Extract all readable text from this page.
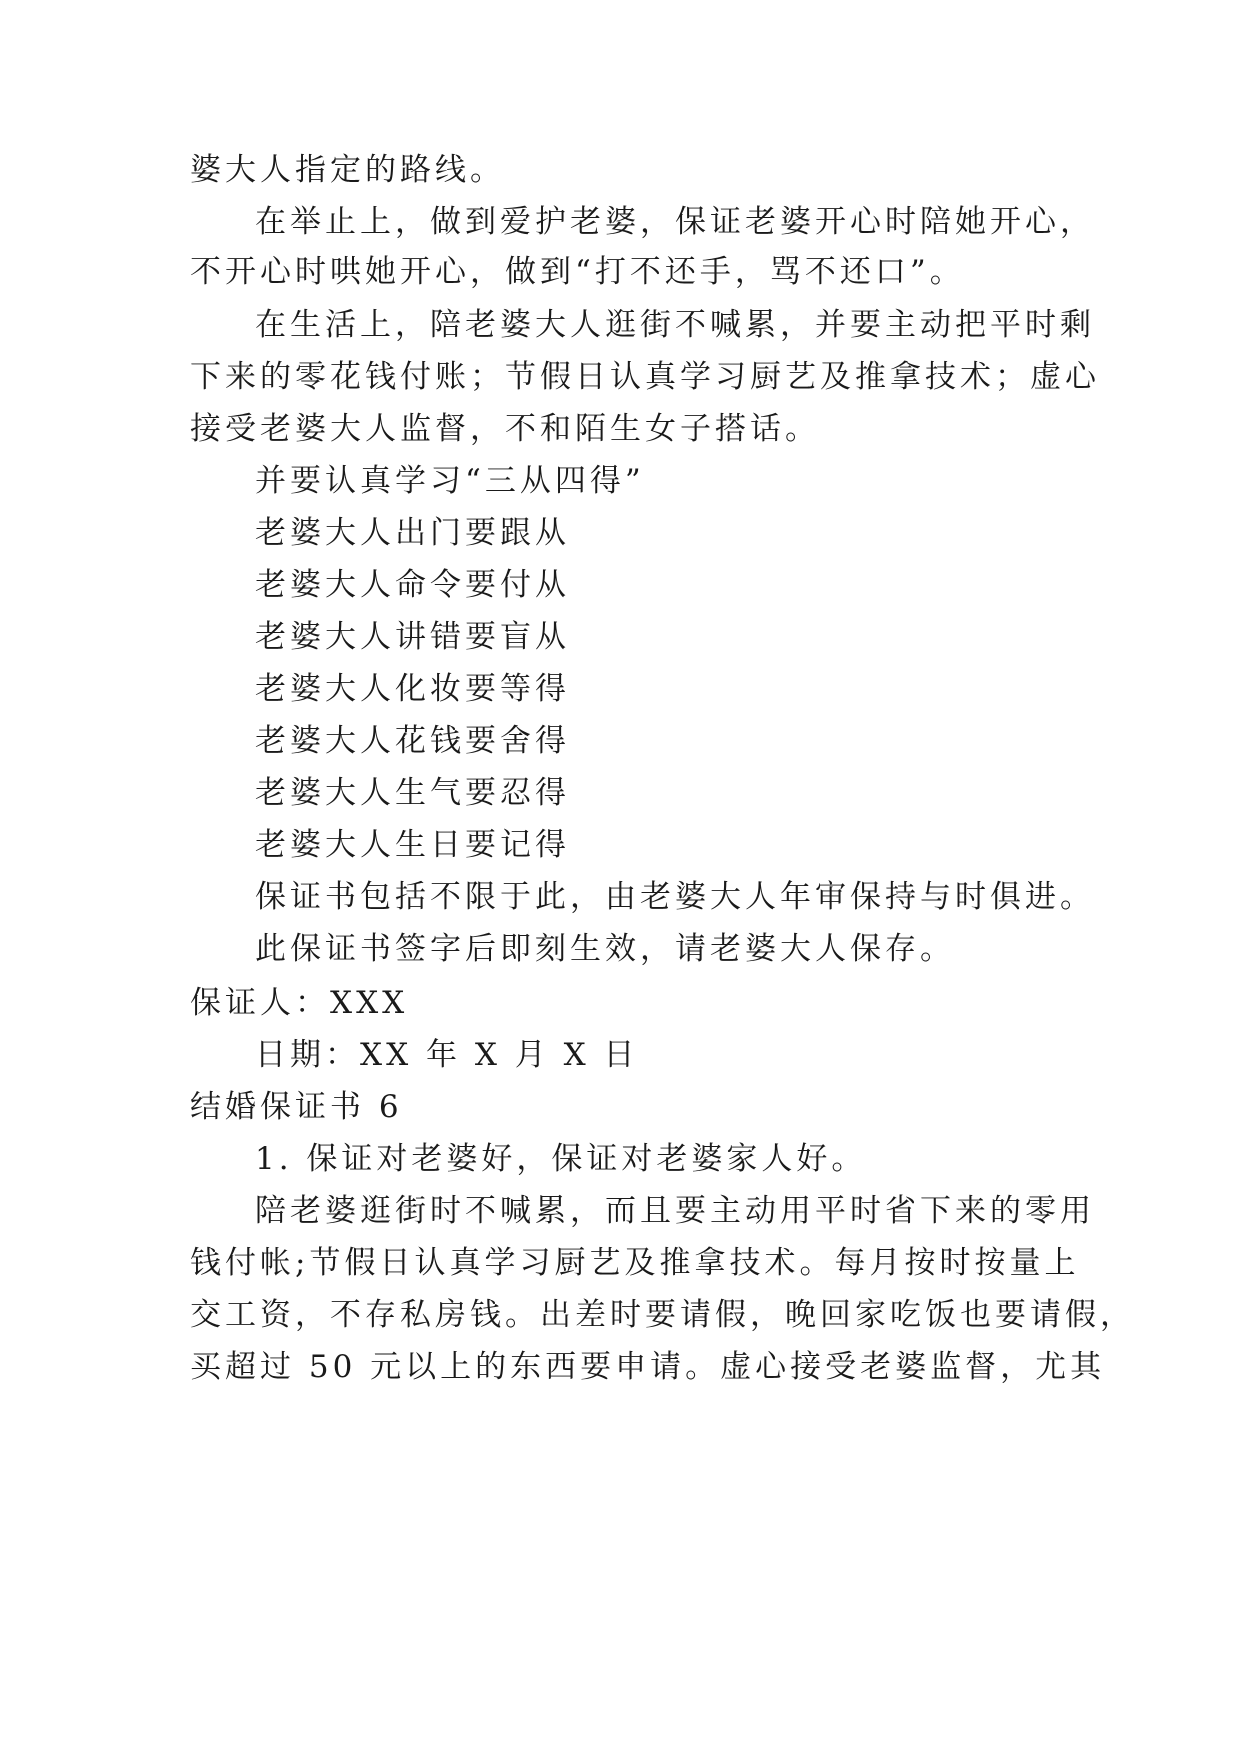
婆大人指定的路线。
在举止上，做到爱护老婆，保证老婆开心时陪她开心，
不开心时哄她开心，做到“打不还手，骂不还口”。
在生活上，陪老婆大人逛街不喊累，并要主动把平时剩
下来的零花钱付账；节假日认真学习厨艺及推拿技术；虚心
接受老婆大人监督，不和陌生女子搭话。
并要认真学习“三从四得”
老婆大人出门要跟从
老婆大人命令要付从
老婆大人讲错要盲从
老婆大人化妆要等得
老婆大人花钱要舍得
老婆大人生气要忍得
老婆大人生日要记得
保证书包括不限于此，由老婆大人年审保持与时俱进。
此保证书签字后即刻生效，请老婆大人保存。
保证人：XXX
日期：XX 年 X 月 X 日
结婚保证书 6
1. 保证对老婆好，保证对老婆家人好。
陪老婆逛街时不喊累，而且要主动用平时省下来的零用
钱付帐;节假日认真学习厨艺及推拿技术。每月按时按量上
交工资，不存私房钱。出差时要请假，晚回家吃饭也要请假，
买超过 50 元以上的东西要申请。虚心接受老婆监督，尤其
